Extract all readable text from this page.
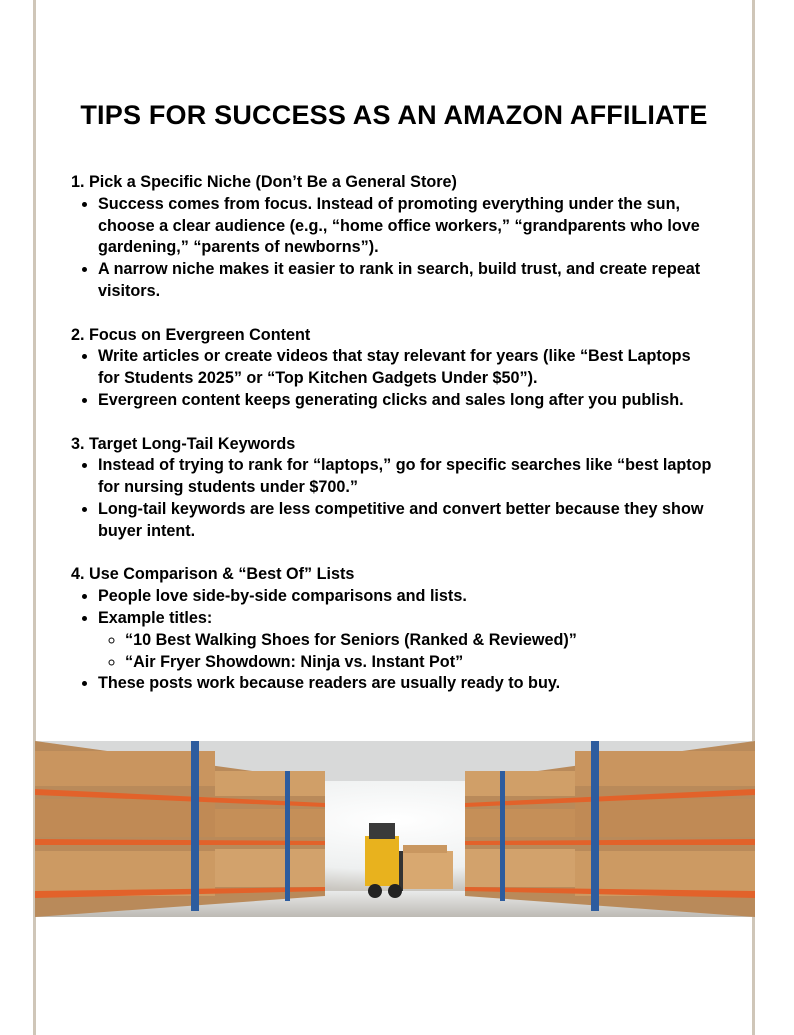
TIPS FOR SUCCESS AS AN AMAZON AFFILIATE

1. Pick a Specific Niche (Don’t Be a General Store)

• Success comes from focus. Instead of promoting everything under the sun, choose a clear audience (e.g., “home office workers,” “grandparents who love gardening,” “parents of newborns”).
• A narrow niche makes it easier to rank in search, build trust, and create repeat visitors.

2. Focus on Evergreen Content

• Write articles or create videos that stay relevant for years (like “Best Laptops for Students 2025” or “Top Kitchen Gadgets Under $50”).
• Evergreen content keeps generating clicks and sales long after you publish.

3. Target Long-Tail Keywords

• Instead of trying to rank for “laptops,” go for specific searches like “best laptop for nursing students under $700.”
• Long-tail keywords are less competitive and convert better because they show buyer intent.

4. Use Comparison & “Best Of” Lists

• People love side-by-side comparisons and lists.
• Example titles:
◦ “10 Best Walking Shoes for Seniors (Ranked & Reviewed)”
◦ “Air Fryer Showdown: Ninja vs. Instant Pot”
• These posts work because readers are usually ready to buy.
